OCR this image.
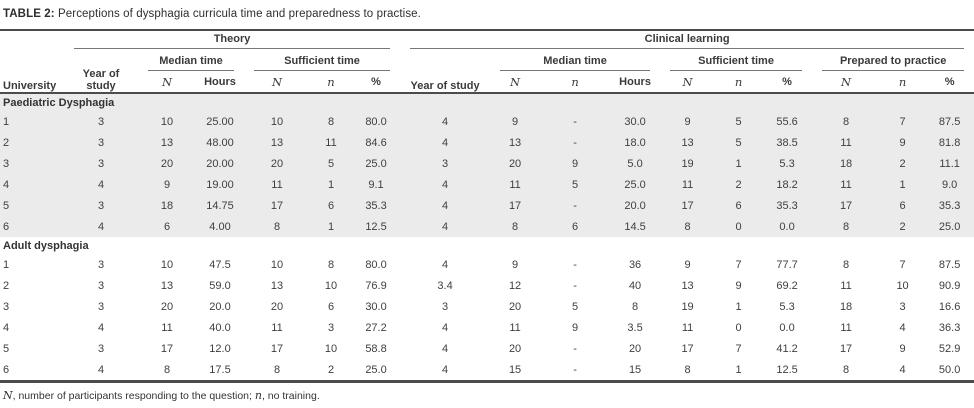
TABLE 2: Perceptions of dysphagia curricula time and preparedness to practise.
University	Theory						Clinical learning									

	Year of study	Median time		Sufficient time			Year of study	Median time			Sufficient time			Prepared to practice		

		N	Hours	N	n	%		N	n	Hours	N	n	%	N	n	%
Paediatric Dysphagia																
1	3	10	25.00	10	8	80.0	4	9	-	30.0	9	5	55.6	8	7	87.5
2	3	13	48.00	13	11	84.6	4	13	-	18.0	13	5	38.5	11	9	81.8
3	3	20	20.00	20	5	25.0	3	20	9	5.0	19	1	5.3	18	2	11.1
4	4	9	19.00	11	1	9.1	4	11	5	25.0	11	2	18.2	11	1	9.0
5	3	18	14.75	17	6	35.3	4	17	-	20.0	17	6	35.3	17	6	35.3
6	4	6	4.00	8	1	12.5	4	8	6	14.5	8	0	0.0	8	2	25.0
Adult dysphagia																
1	3	10	47.5	10	8	80.0	4	9	-	36	9	7	77.7	8	7	87.5
2	3	13	59.0	13	10	76.9	3.4	12	-	40	13	9	69.2	11	10	90.9
3	3	20	20.0	20	6	30.0	3	20	5	8	19	1	5.3	18	3	16.6
4	4	11	40.0	11	3	27.2	4	11	9	3.5	11	0	0.0	11	4	36.3
5	3	17	12.0	17	10	58.8	4	20	-	20	17	7	41.2	17	9	52.9
6	4	8	17.5	8	2	25.0	4	15	-	15	8	1	12.5	8	4	50.0
N, number of participants responding to the question; n, no training.
